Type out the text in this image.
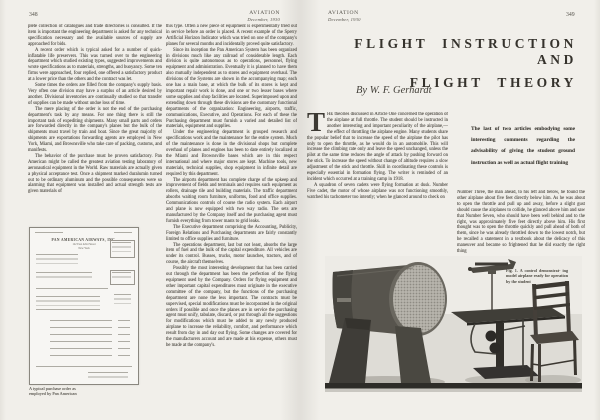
348	AVIATION
December, 1930

plete collection of catalogues and trade directories is consulted. If the item is important the engineering department is asked for any technical specification necessary and the available sources of supply are approached for bids.

A recent order which is typical asked for a number of quick-inflatable life preservers. This was turned over to the engineering department which studied existing types, suggested improvements and wrote specifications as to materials, strengths, and buoyancy. Some ten firms were approached, four replied, one offered a satisfactory product at a lower price than the others and the contract was let.

Some times the orders are filled from the company's supply basis. Very often one division may have a surplus of an article desired by another. Divisional inventories are continually studied so that transfer of supplies can be made without undue loss of time.

The mere placing of the order is not the end of the purchasing department's task by any means. For one thing there is still the important task of expediting shipments. Many small parts and orders are forwarded directly in the company's planes but the bulk of the shipments must travel by train and boat. Since the great majority of shipments are exportations forwarding agents are employed in New York, Miami, and Brownsville who take care of packing, customs, and manifests.

The behavior of the purchase must be proven satisfactory. Pan American might be called the greatest aviation testing laboratory of aeronautical equipment in the World. Raw materials are actually given a physical acceptance test. Once a shipment marked duralumin turned out to be ordinary aluminum and the possible consequences were so alarming that equipment was installed and actual strength tests are given materials of

PAN AMERICAN AIRWAYS, INC.
122 East 42nd Street
New York
A typical purchase order as
employed by Pan American

this type. Often a new piece of equipment is experimentally tried out in service before an order is placed. A recent example of the Sperry Artificial Horizon Indicator which was tried on one of the company's planes for several months and incidentally proved quite satisfactory.

Since its inception the Pan American System has been organized in divisions much like any railroad of considerable length. Each division is quite autonomous as to operations, personnel, flying equipment and administration. Eventually it is planned to have them also mutually independent as to stores and equipment overhaul. The divisions of the Systems are shown in the accompanying map; each one has a main base, at which the bulk of its stores is kept and important repair work is done, and one or two lesser bases where some supplies and shop facilities are located. Superimposed upon and extending down through these divisions are the customary functional departments of the organization: Engineering, airports, traffic, communications, Executive, and Operations. For each of these the Purchasing department must furnish a varied and detailed list of materials, equipment and supplies.

Under the engineering department is grouped research and specifications work and the maintenance for the entire system. Much of the maintenance is done in the divisional shops but complete overhaul of planes and engines has been to date entirely localized at the Miami and Brownsville bases which are in this respect international and where major stores are kept. Machine tools, new materials, technical supplies, shop equipment in infinite detail are required by this department.

The airports department has complete charge of the upkeep and improvement of fields and terminals and requires such equipment as rollers, drainage tile and building materials. The traffic department absorbs waiting room furniture, uniforms, food and office supplies. Communications controls of course the radio system. Each airport and plane is now equipped with two way radio. The sets are manufactured by the Company itself and the purchasing agent must furnish everything from tower masts to grid leaks.

The Executive department comprising the Accounting, Publicity, Foreign Relations and Purchasing departments are fairly constantly limited to office supplies and furniture.

The operations department, last but not least, absorbs the large item of fuel and the bulk of the capital expenditure. All vehicles are under its control. Busses, trucks, motor launches, tractors, and of course, the aircraft themselves.

Possibly the most interesting development that has been carried out through the department has been the perfection of the flying equipment used by the Company. Orders for flying equipment and other important capital expenditures must originate in the executive committee of the company, but the functions of the purchasing department are none the less important. The contracts must be supervised, special modifications must be incorporated in the original orders if possible and once the planes are in service the purchasing agent must unify, tabulate, discard, or put through all the suggestions for modifications which must be added to any newly produced airplane to increase the reliability, comfort, and performance which result from day in and day out flying. Some changes are covered for the manufacturers account and are made at his expense, others must be made at the company's.

AVIATION
December, 1930
349
FLIGHT INSTRUCTION AND
FLIGHT THEORY
By W. F. Gerhardt

THE theories discussed in Article One concerned the operation of the airplane at full throttle. The student should be instructed in another interesting and important peculiarity of the airplane,—the effect of throttling the airplane engine. Many students share the popular belief that to increase the speed of the airplane the pilot has only to open the throttle, as he would do in an automobile. This will increase the climbing rate only and leave the speed unchanged, unless the pilot at the same time reduces the angle of attack by pushing forward on the stick. To increase the speed without change of altitude requires a slow adjustment of the stick and throttle. Skill in coordinating these controls is especially essential in formation flying. The writer is reminded of an incident which occurred at a training camp in 1918.

A squadron of seven cadets were flying formation at dusk. Number Five cadet, the motor of whose airplane was not functioning smoothly, watched his tachometer too intently; when he glanced around to check on

The last of two articles embodying some interesting comments regarding the advisability of giving the student ground instruction as well as actual flight training

Number Three, the man ahead, to his left and below, he found the other airplane about five feet directly below him. As he was about to open the throttle and pull up and away, before a slight gust should cause the airplanes to collide, he glanced above him and saw that Number Seven, who should have been well behind and to the right, was approximately five feet directly above him. His first thought was to open the throttle quickly and pull ahead of both of them, since he was already throttled down to the lowest notch, but he recalled a statement in a textbook about the delicacy of this maneuver and became so frightened that he did exactly the right thing

Fig. 1. A control demonstrat- ing model airplane ready for operation by the student
